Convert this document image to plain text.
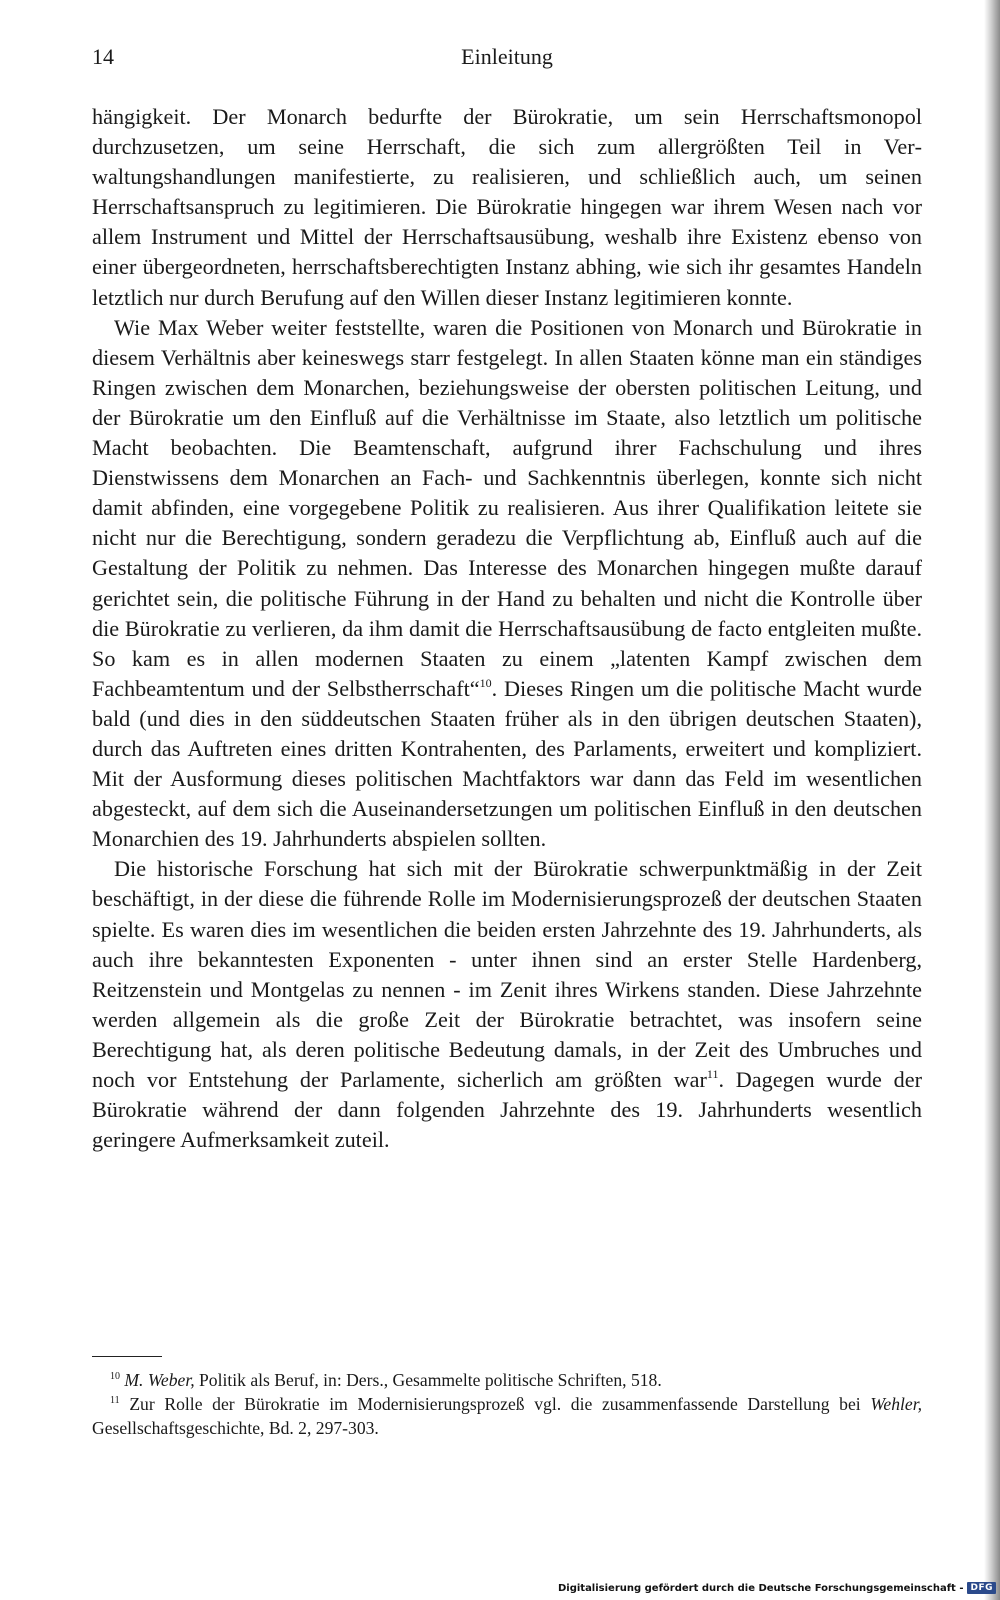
14	Einleitung

hängigkeit. Der Monarch bedurfte der Bürokratie, um sein Herrschaftsmonopol durchzusetzen, um seine Herrschaft, die sich zum allergrößten Teil in Verwaltungshandlungen manifestierte, zu realisieren, und schließlich auch, um seinen Herrschaftsanspruch zu legitimieren. Die Bürokratie hingegen war ihrem Wesen nach vor allem Instrument und Mittel der Herrschaftsausübung, weshalb ihre Existenz ebenso von einer übergeordneten, herrschaftsberechtigten Instanz abhing, wie sich ihr gesamtes Handeln letztlich nur durch Berufung auf den Willen dieser Instanz legitimieren konnte.

Wie Max Weber weiter feststellte, waren die Positionen von Monarch und Bürokratie in diesem Verhältnis aber keineswegs starr festgelegt. In allen Staaten könne man ein ständiges Ringen zwischen dem Monarchen, beziehungsweise der obersten politischen Leitung, und der Bürokratie um den Einfluß auf die Verhältnisse im Staate, also letztlich um politische Macht beobachten. Die Beamtenschaft, aufgrund ihrer Fachschulung und ihres Dienstwissens dem Monarchen an Fach- und Sachkenntnis überlegen, konnte sich nicht damit abfinden, eine vorgegebene Politik zu realisieren. Aus ihrer Qualifikation leitete sie nicht nur die Berechtigung, sondern geradezu die Verpflichtung ab, Einfluß auch auf die Gestaltung der Politik zu nehmen. Das Interesse des Monarchen hingegen mußte darauf gerichtet sein, die politische Führung in der Hand zu behalten und nicht die Kontrolle über die Bürokratie zu verlieren, da ihm damit die Herrschaftsausübung de facto entgleiten mußte. So kam es in allen modernen Staaten zu einem „latenten Kampf zwischen dem Fachbeamtentum und der Selbstherrschaft“$^{10}$. Dieses Ringen um die politische Macht wurde bald (und dies in den süddeutschen Staaten früher als in den übrigen deutschen Staaten), durch das Auftreten eines dritten Kontrahenten, des Parlaments, erweitert und kompliziert. Mit der Ausformung dieses politischen Machtfaktors war dann das Feld im wesentlichen abgesteckt, auf dem sich die Auseinandersetzungen um politischen Einfluß in den deutschen Monarchien des 19. Jahrhunderts abspielen sollten.

Die historische Forschung hat sich mit der Bürokratie schwerpunktmäßig in der Zeit beschäftigt, in der diese die führende Rolle im Modernisierungsprozeß der deutschen Staaten spielte. Es waren dies im wesentlichen die beiden ersten Jahrzehnte des 19. Jahrhunderts, als auch ihre bekanntesten Exponenten - unter ihnen sind an erster Stelle Hardenberg, Reitzenstein und Montgelas zu nennen - im Zenit ihres Wirkens standen. Diese Jahrzehnte werden allgemein als die große Zeit der Bürokratie betrachtet, was insofern seine Berechtigung hat, als deren politische Bedeutung damals, in der Zeit des Umbruches und noch vor Entstehung der Parlamente, sicherlich am größten war$^{11}$. Dagegen wurde der Bürokratie während der dann folgenden Jahrzehnte des 19. Jahrhunderts wesentlich geringere Aufmerksamkeit zuteil.

$^{10}$ M. Weber, Politik als Beruf, in: Ders., Gesammelte politische Schriften, 518.

$^{11}$ Zur Rolle der Bürokratie im Modernisierungsprozeß vgl. die zusammenfassende Darstellung bei Wehler, Gesellschaftsgeschichte, Bd. 2, 297-303.

Digitalisierung gefördert durch die Deutsche Forschungsgemeinschaft - DFG
